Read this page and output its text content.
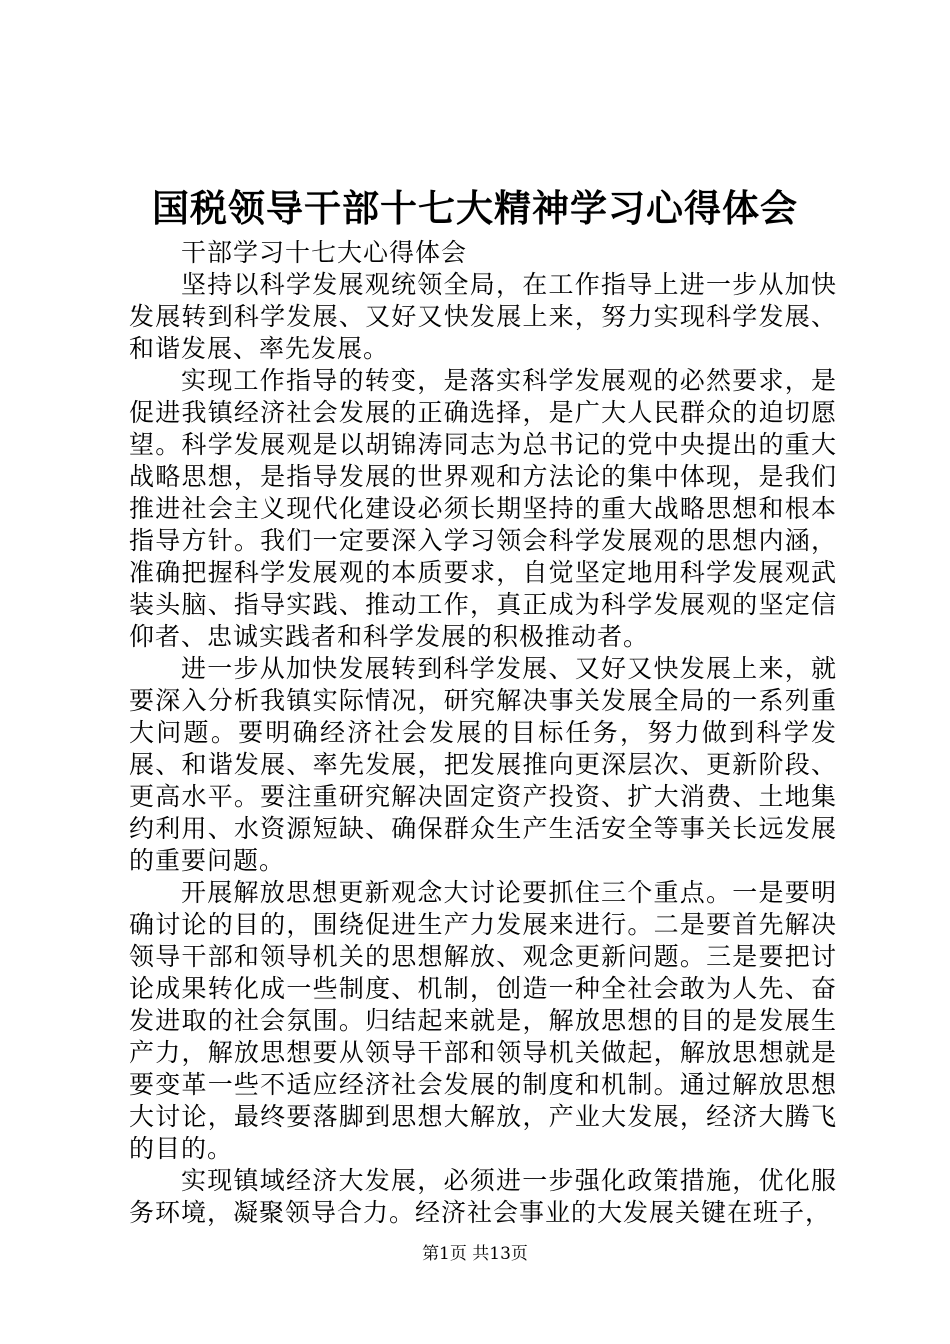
国税领导干部十七大精神学习心得体会

干部学习十七大心得体会

坚持以科学发展观统领全局，在工作指导上进一步从加快发展转到科学发展、又好又快发展上来，努力实现科学发展、和谐发展、率先发展。

实现工作指导的转变，是落实科学发展观的必然要求，是促进我镇经济社会发展的正确选择，是广大人民群众的迫切愿望。科学发展观是以胡锦涛同志为总书记的党中央提出的重大战略思想，是指导发展的世界观和方法论的集中体现，是我们推进社会主义现代化建设必须长期坚持的重大战略思想和根本指导方针。我们一定要深入学习领会科学发展观的思想内涵，准确把握科学发展观的本质要求，自觉坚定地用科学发展观武装头脑、指导实践、推动工作，真正成为科学发展观的坚定信仰者、忠诚实践者和科学发展的积极推动者。

进一步从加快发展转到科学发展、又好又快发展上来，就要深入分析我镇实际情况，研究解决事关发展全局的一系列重大问题。要明确经济社会发展的目标任务，努力做到科学发展、和谐发展、率先发展，把发展推向更深层次、更新阶段、更高水平。要注重研究解决固定资产投资、扩大消费、土地集约利用、水资源短缺、确保群众生产生活安全等事关长远发展的重要问题。

开展解放思想更新观念大讨论要抓住三个重点。一是要明确讨论的目的，围绕促进生产力发展来进行。二是要首先解决领导干部和领导机关的思想解放、观念更新问题。三是要把讨论成果转化成一些制度、机制，创造一种全社会敢为人先、奋发进取的社会氛围。归结起来就是，解放思想的目的是发展生产力，解放思想要从领导干部和领导机关做起，解放思想就是要变革一些不适应经济社会发展的制度和机制。通过解放思想大讨论，最终要落脚到思想大解放，产业大发展，经济大腾飞的目的。

实现镇域经济大发展，必须进一步强化政策措施，优化服务环境，凝聚领导合力。经济社会事业的大发展关键在班子，

第1页 共13页
